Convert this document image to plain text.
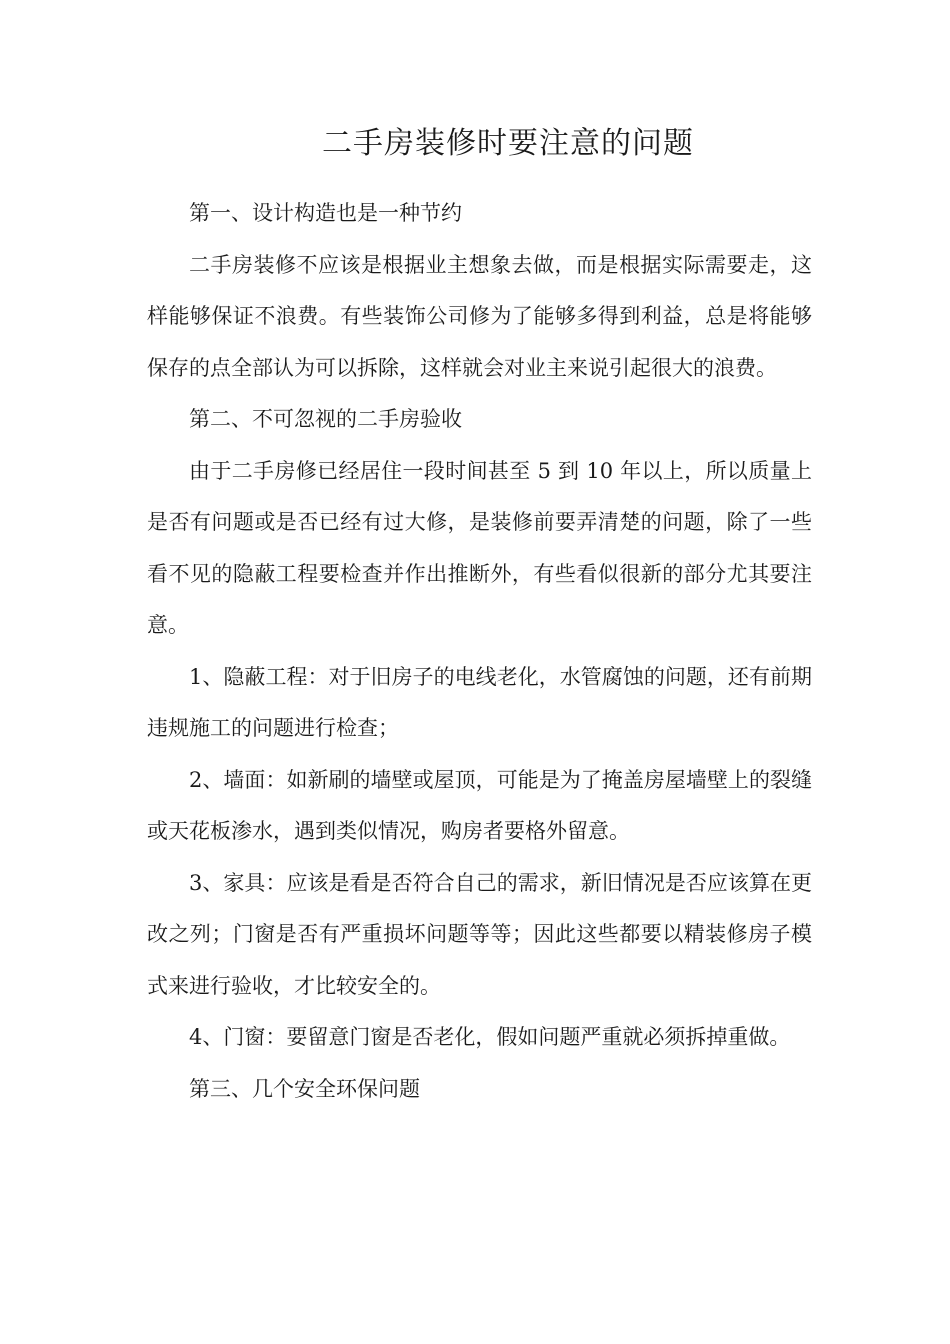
二手房装修时要注意的问题

第一、设计构造也是一种节约

二手房装修不应该是根据业主想象去做，而是根据实际需要走，这样能够保证不浪费。有些装饰公司修为了能够多得到利益，总是将能够保存的点全部认为可以拆除，这样就会对业主来说引起很大的浪费。

第二、不可忽视的二手房验收

由于二手房修已经居住一段时间甚至 5 到 10 年以上，所以质量上是否有问题或是否已经有过大修，是装修前要弄清楚的问题，除了一些看不见的隐蔽工程要检查并作出推断外，有些看似很新的部分尤其要注意。

1、隐蔽工程：对于旧房子的电线老化，水管腐蚀的问题，还有前期违规施工的问题进行检查；

2、墙面：如新刷的墙壁或屋顶，可能是为了掩盖房屋墙壁上的裂缝或天花板渗水，遇到类似情况，购房者要格外留意。

3、家具：应该是看是否符合自己的需求，新旧情况是否应该算在更改之列；门窗是否有严重损坏问题等等；因此这些都要以精装修房子模式来进行验收，才比较安全的。

4、门窗：要留意门窗是否老化，假如问题严重就必须拆掉重做。

第三、几个安全环保问题
